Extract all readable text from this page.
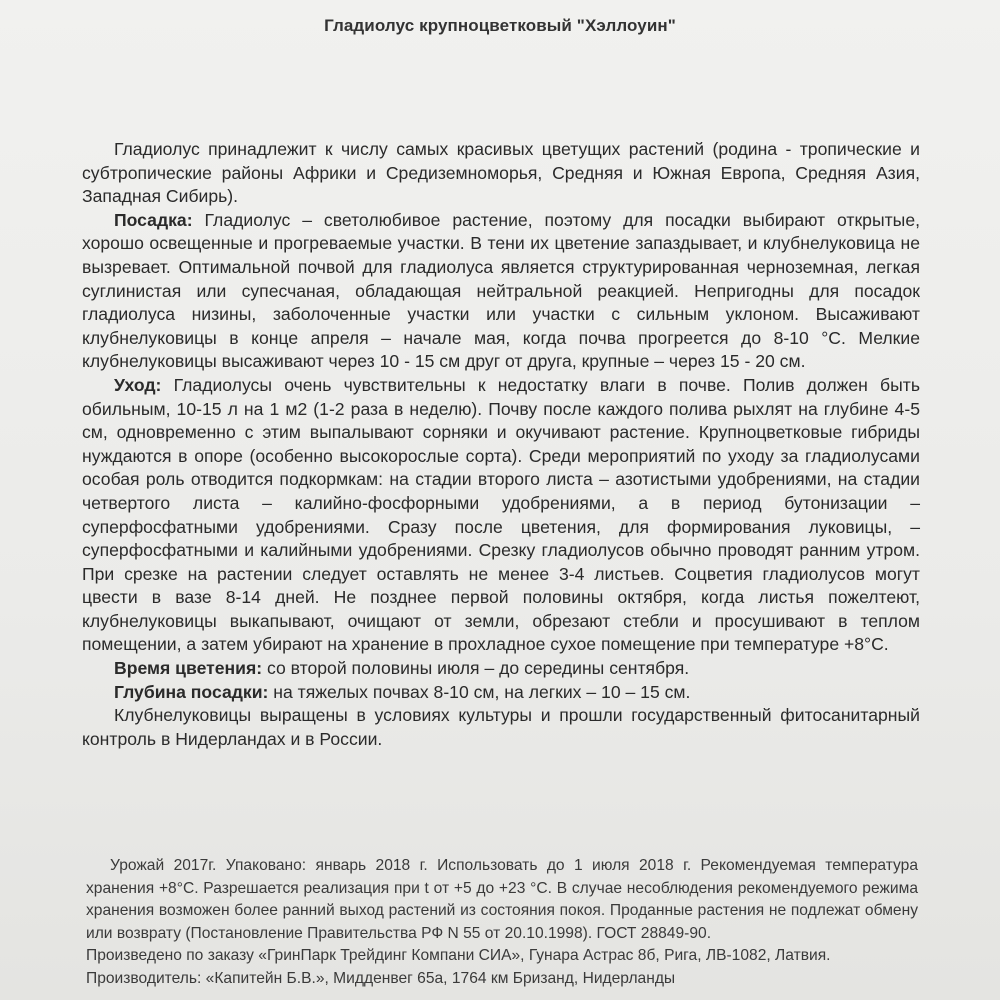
Гладиолус крупноцветковый "Хэллоуин"

Гладиолус принадлежит к числу самых красивых цветущих растений (родина - тропические и субтропические районы Африки и Средиземноморья, Средняя и Южная Европа, Средняя Азия, Западная Сибирь).

Посадка: Гладиолус – светолюбивое растение, поэтому для посадки выбирают открытые, хорошо освещенные и прогреваемые участки. В тени их цветение запаздывает, и клубнелуковица не вызревает. Оптимальной почвой для гладиолуса является структурированная черноземная, легкая суглинистая или супесчаная, обладающая нейтральной реакцией. Непригодны для посадок гладиолуса низины, заболоченные участки или участки с сильным уклоном. Высаживают клубнелуковицы в конце апреля – начале мая, когда почва прогреется до 8-10 °С. Мелкие клубнелуковицы высаживают через 10 - 15 см друг от друга, крупные – через 15 - 20 см.

Уход: Гладиолусы очень чувствительны к недостатку влаги в почве. Полив должен быть обильным, 10-15 л на 1 м2 (1-2 раза в неделю). Почву после каждого полива рыхлят на глубине 4-5 см, одновременно с этим выпалывают сорняки и окучивают растение. Крупноцветковые гибриды нуждаются в опоре (особенно высокорослые сорта). Среди мероприятий по уходу за гладиолусами особая роль отводится подкормкам: на стадии второго листа – азотистыми удобрениями, на стадии четвертого листа – калийно-фосфорными удобрениями, а в период бутонизации – суперфосфатными удобрениями. Сразу после цветения, для формирования луковицы, – суперфосфатными и калийными удобрениями. Срезку гладиолусов обычно проводят ранним утром. При срезке на растении следует оставлять не менее 3-4 листьев. Соцветия гладиолусов могут цвести в вазе 8-14 дней. Не позднее первой половины октября, когда листья пожелтеют, клубнелуковицы выкапывают, очищают от земли, обрезают стебли и просушивают в теплом помещении, а затем убирают на хранение в прохладное сухое помещение при температуре +8°С.

Время цветения: со второй половины июля – до середины сентября.

Глубина посадки: на тяжелых почвах 8-10 см, на легких – 10 – 15 см.

Клубнелуковицы выращены в условиях культуры и прошли государственный фитосанитарный контроль в Нидерландах и в России.

Урожай 2017г. Упаковано: январь 2018 г. Использовать до 1 июля 2018 г. Рекомендуемая температура хранения +8°С. Разрешается реализация при t от +5 до +23 °С. В случае несоблюдения рекомендуемого режима хранения возможен более ранний выход растений из состояния покоя. Проданные растения не подлежат обмену или возврату (Постановление Правительства РФ N 55 от 20.10.1998). ГОСТ 28849-90.

Произведено по заказу «ГринПарк Трейдинг Компани СИА», Гунара Астрас 8б, Рига, ЛВ-1082, Латвия.

Производитель: «Капитейн Б.В.», Мидденвег 65а, 1764 км Бризанд, Нидерланды
